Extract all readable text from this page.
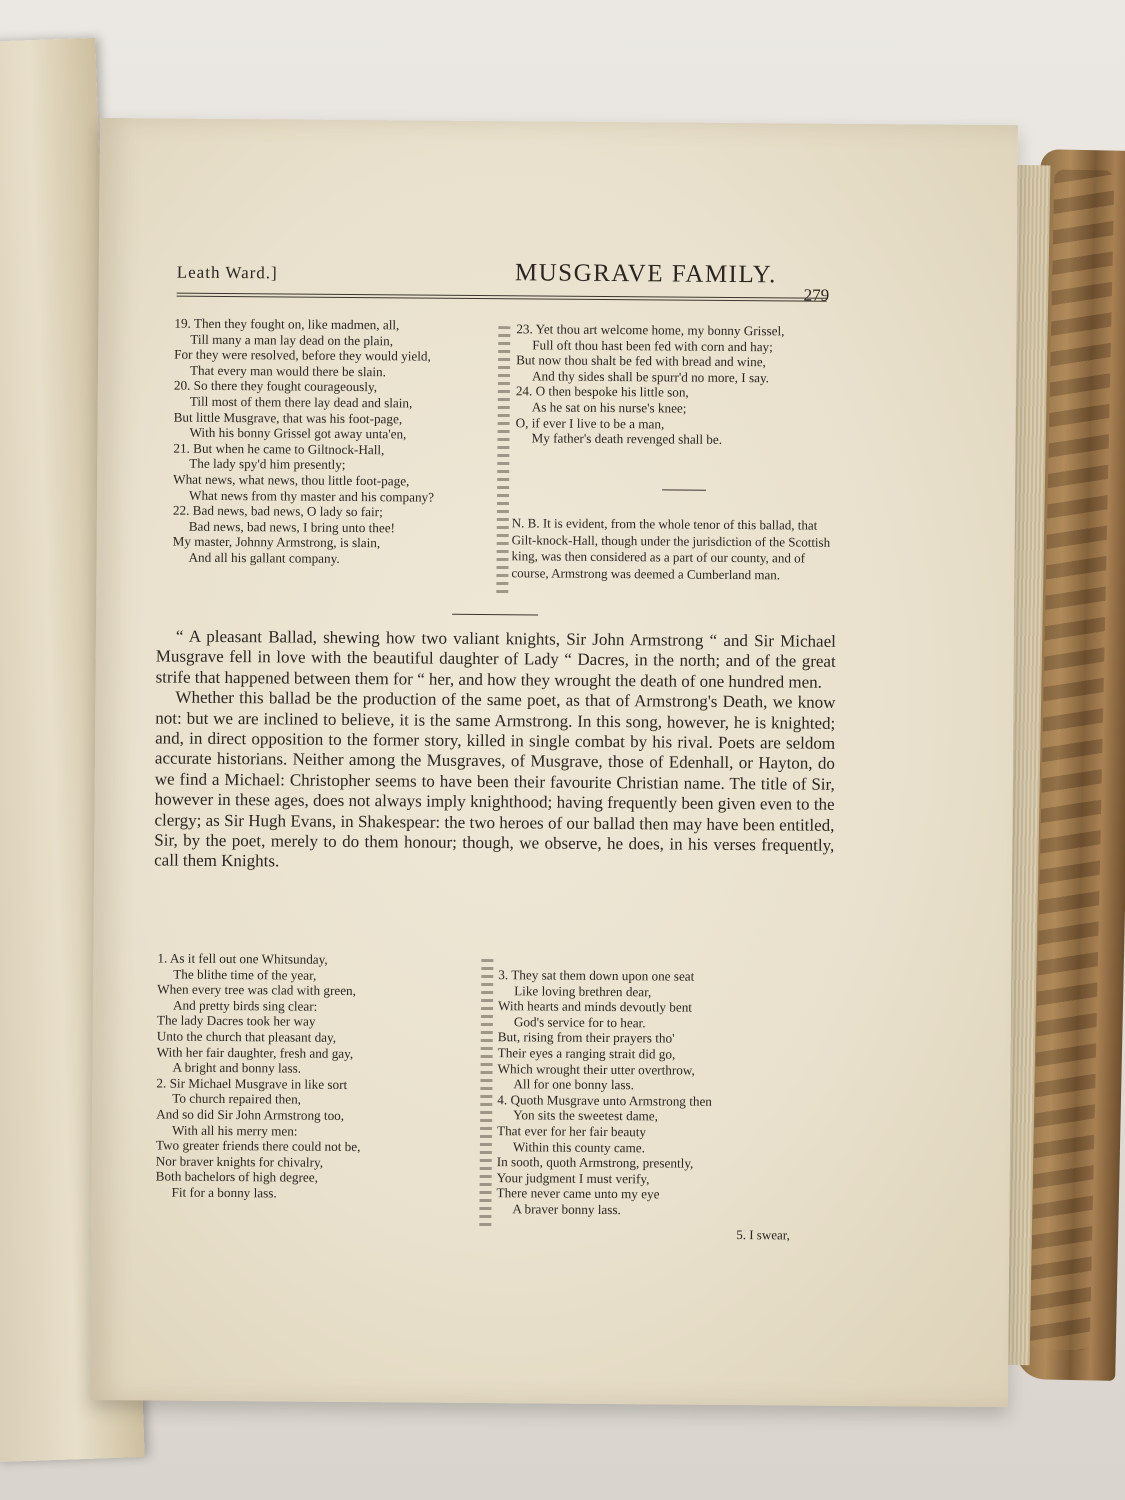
Leath Ward.]	MUSGRAVE FAMILY.
279
19. Then they fought on, like madmen, all,
Till many a man lay dead on the plain,
For they were resolved, before they would yield,
That every man would there be slain.
20. So there they fought courageously,
Till most of them there lay dead and slain,
But little Musgrave, that was his foot-page,
With his bonny Grissel got away unta'en,
21. But when he came to Giltnock-Hall,
The lady spy'd him presently;
What news, what news, thou little foot-page,
What news from thy master and his company?
22. Bad news, bad news, O lady so fair;
Bad news, bad news, I bring unto thee!
My master, Johnny Armstrong, is slain,
And all his gallant company.
23. Yet thou art welcome home, my bonny Grissel,
Full oft thou hast been fed with corn and hay;
But now thou shalt be fed with bread and wine,
And thy sides shall be spurr'd no more, I say.
24. O then bespoke his little son,
As he sat on his nurse's knee;
O, if ever I live to be a man,
My father's death revenged shall be.
N. B. It is evident, from the whole tenor of this ballad, that Gilt-knock-Hall, though under the jurisdiction of the Scottish king, was then considered as a part of our county, and of course, Armstrong was deemed a Cumberland man.

“ A pleasant Ballad, shewing how two valiant knights, Sir John Armstrong “ and Sir Michael Musgrave fell in love with the beautiful daughter of Lady “ Dacres, in the north; and of the great strife that happened between them for “ her, and how they wrought the death of one hundred men.

Whether this ballad be the production of the same poet, as that of Armstrong's Death, we know not: but we are inclined to believe, it is the same Armstrong. In this song, however, he is knighted; and, in direct opposition to the former story, killed in single combat by his rival. Poets are seldom accurate historians. Neither among the Musgraves, of Musgrave, those of Edenhall, or Hayton, do we find a Michael: Christopher seems to have been their favourite Christian name. The title of Sir, however in these ages, does not always imply knighthood; having frequently been given even to the clergy; as Sir Hugh Evans, in Shakespear: the two heroes of our ballad then may have been entitled, Sir, by the poet, merely to do them honour; though, we observe, he does, in his verses frequently, call them Knights.

1. As it fell out one Whitsunday,
The blithe time of the year,
When every tree was clad with green,
And pretty birds sing clear:
The lady Dacres took her way
Unto the church that pleasant day,
With her fair daughter, fresh and gay,
A bright and bonny lass.
2. Sir Michael Musgrave in like sort
To church repaired then,
And so did Sir John Armstrong too,
With all his merry men:
Two greater friends there could not be,
Nor braver knights for chivalry,
Both bachelors of high degree,
Fit for a bonny lass.
3. They sat them down upon one seat
Like loving brethren dear,
With hearts and minds devoutly bent
God's service for to hear.
But, rising from their prayers tho'
Their eyes a ranging strait did go,
Which wrought their utter overthrow,
All for one bonny lass.
4. Quoth Musgrave unto Armstrong then
Yon sits the sweetest dame,
That ever for her fair beauty
Within this county came.
In sooth, quoth Armstrong, presently,
Your judgment I must verify,
There never came unto my eye
A braver bonny lass.
5. I swear,
